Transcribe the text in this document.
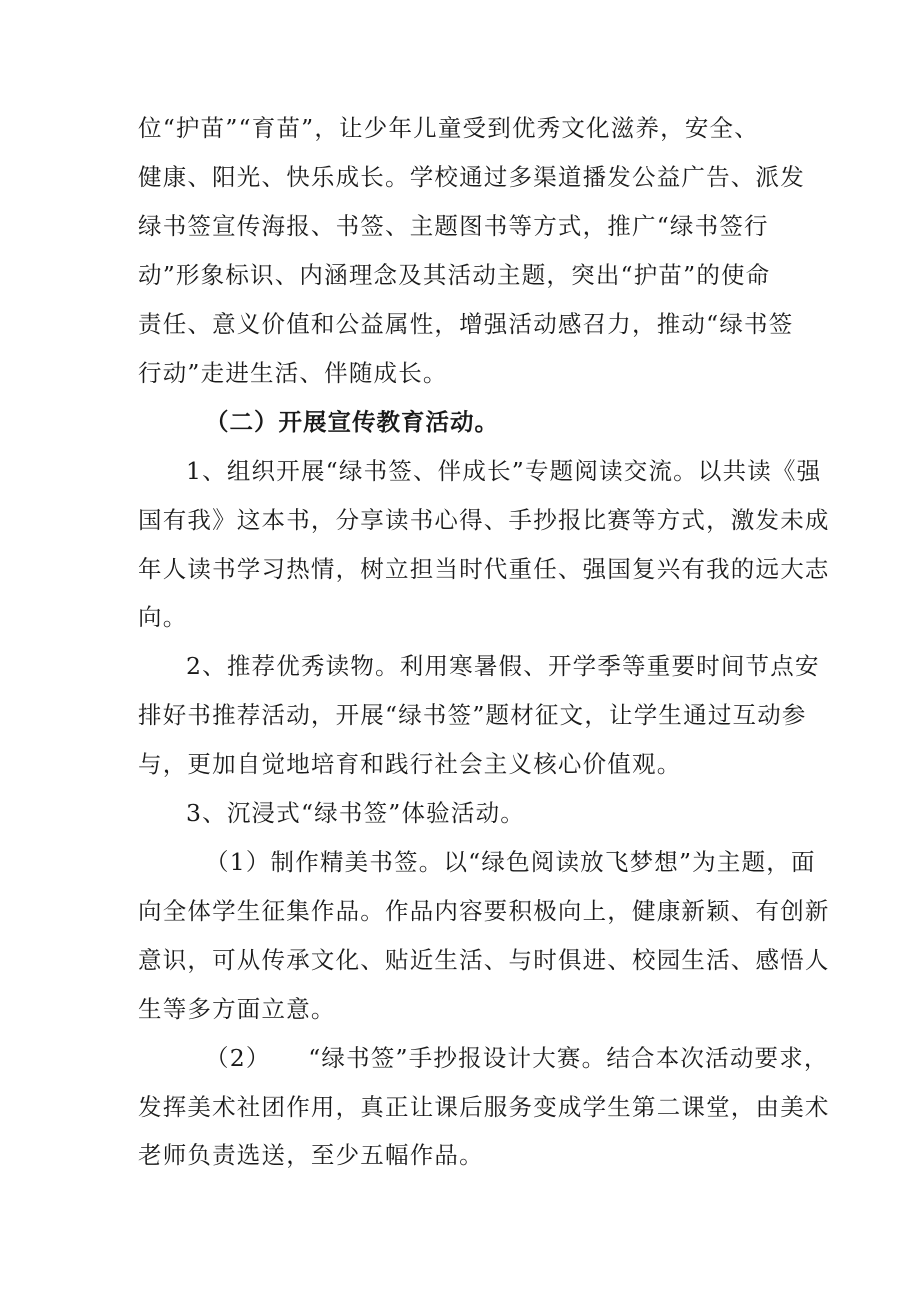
位“护苗”“育苗”，让少年儿童受到优秀文化滋养，安全、
健康、阳光、快乐成长。学校通过多渠道播发公益广告、派发
绿书签宣传海报、书签、主题图书等方式，推广“绿书签行
动”形象标识、内涵理念及其活动主题，突出“护苗”的使命
责任、意义价值和公益属性，增强活动感召力，推动“绿书签
行动”走进生活、伴随成长。
（二）开展宣传教育活动。
1、组织开展“绿书签、伴成长”专题阅读交流。以共读《强
国有我》这本书，分享读书心得、手抄报比赛等方式，激发未成
年人读书学习热情，树立担当时代重任、强国复兴有我的远大志
向。
2、推荐优秀读物。利用寒暑假、开学季等重要时间节点安
排好书推荐活动，开展“绿书签”题材征文，让学生通过互动参
与，更加自觉地培育和践行社会主义核心价值观。
3、沉浸式“绿书签”体验活动。
（1）制作精美书签。以“绿色阅读放飞梦想”为主题，面
向全体学生征集作品。作品内容要积极向上，健康新颖、有创新
意识，可从传承文化、贴近生活、与时俱进、校园生活、感悟人
生等多方面立意。
（2）　　“绿书签”手抄报设计大赛。结合本次活动要求，
发挥美术社团作用，真正让课后服务变成学生第二课堂，由美术
老师负责选送，至少五幅作品。
